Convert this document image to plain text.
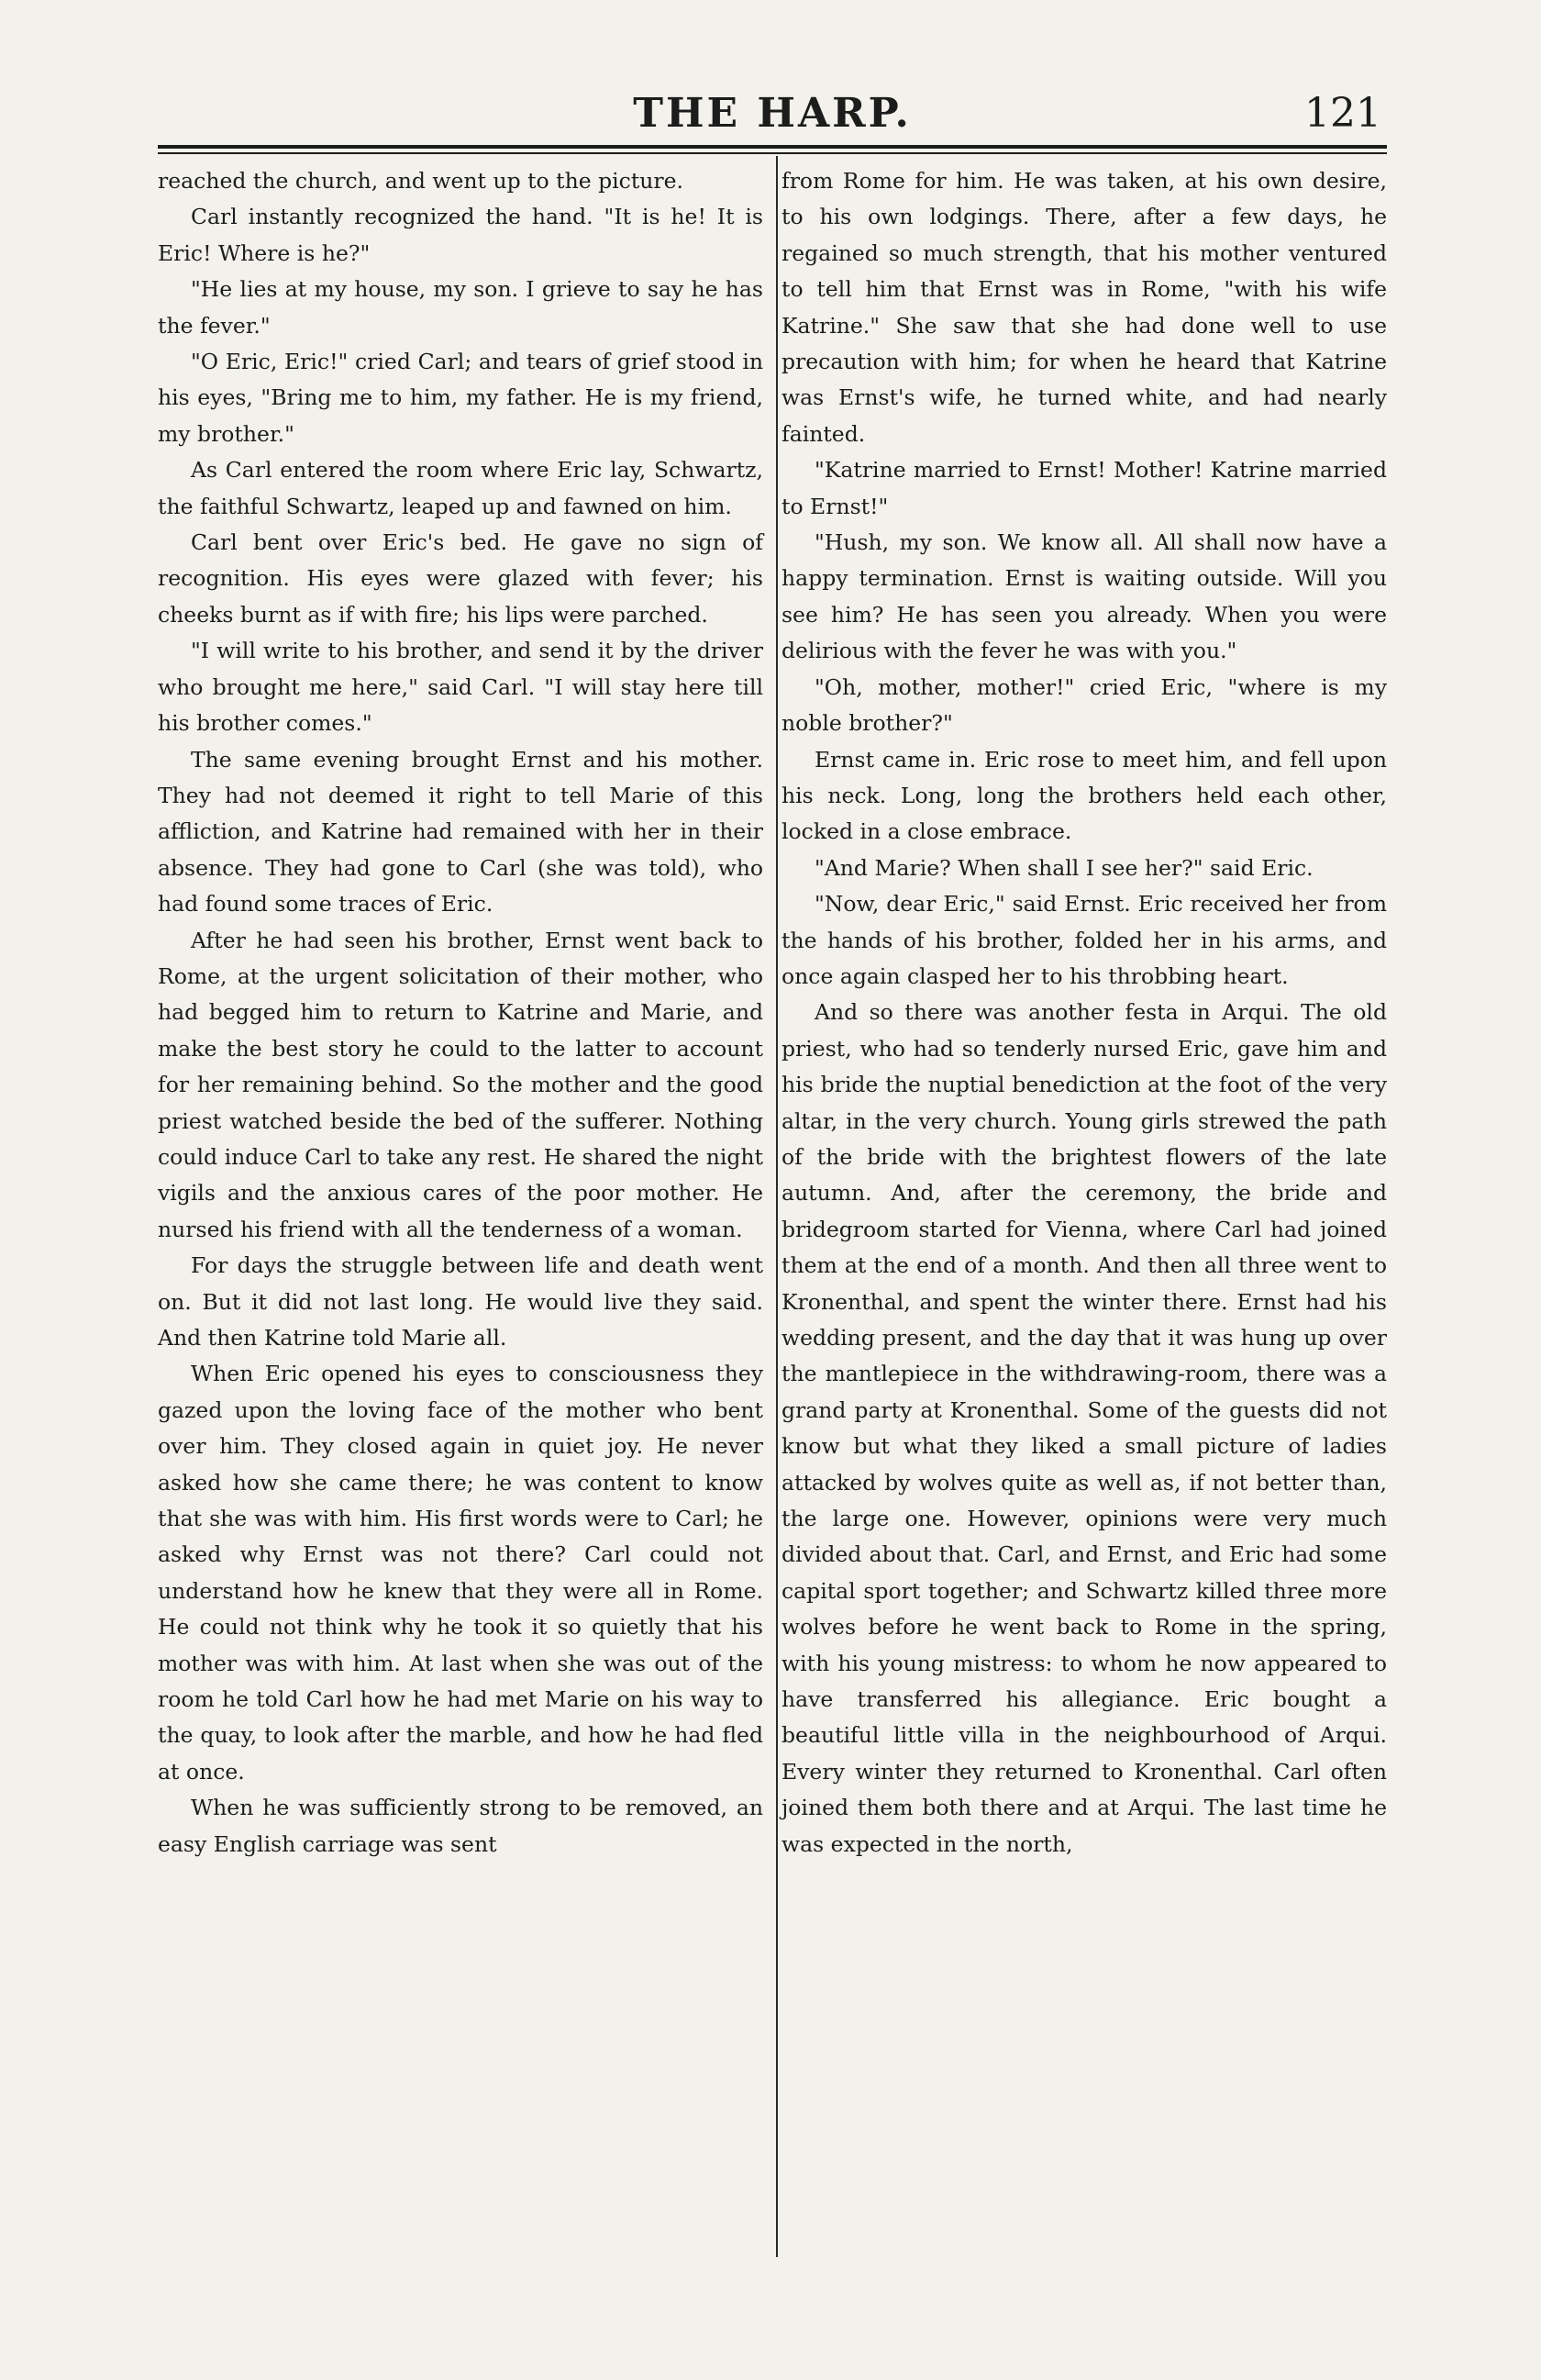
THE HARP.	121

reached the church, and went up to the picture.

Carl instantly recognized the hand. "It is he! It is Eric! Where is he?"

"He lies at my house, my son. I grieve to say he has the fever."

"O Eric, Eric!" cried Carl; and tears of grief stood in his eyes, "Bring me to him, my father. He is my friend, my brother."

As Carl entered the room where Eric lay, Schwartz, the faithful Schwartz, leaped up and fawned on him.

Carl bent over Eric's bed. He gave no sign of recognition. His eyes were glazed with fever; his cheeks burnt as if with fire; his lips were parched.

"I will write to his brother, and send it by the driver who brought me here," said Carl. "I will stay here till his brother comes."

The same evening brought Ernst and his mother. They had not deemed it right to tell Marie of this affliction, and Katrine had remained with her in their absence. They had gone to Carl (she was told), who had found some traces of Eric.

After he had seen his brother, Ernst went back to Rome, at the urgent solicitation of their mother, who had begged him to return to Katrine and Marie, and make the best story he could to the latter to account for her remaining behind. So the mother and the good priest watched beside the bed of the sufferer. Nothing could induce Carl to take any rest. He shared the night vigils and the anxious cares of the poor mother. He nursed his friend with all the tenderness of a woman.

For days the struggle between life and death went on. But it did not last long. He would live they said. And then Katrine told Marie all.

When Eric opened his eyes to consciousness they gazed upon the loving face of the mother who bent over him. They closed again in quiet joy. He never asked how she came there; he was content to know that she was with him. His first words were to Carl; he asked why Ernst was not there? Carl could not understand how he knew that they were all in Rome. He could not think why he took it so quietly that his mother was with him. At last when she was out of the room he told Carl how he had met Marie on his way to the quay, to look after the marble, and how he had fled at once.

When he was sufficiently strong to be removed, an easy English carriage was sent

from Rome for him. He was taken, at his own desire, to his own lodgings. There, after a few days, he regained so much strength, that his mother ventured to tell him that Ernst was in Rome, "with his wife Katrine." She saw that she had done well to use precaution with him; for when he heard that Katrine was Ernst's wife, he turned white, and had nearly fainted.

"Katrine married to Ernst! Mother! Katrine married to Ernst!"

"Hush, my son. We know all. All shall now have a happy termination. Ernst is waiting outside. Will you see him? He has seen you already. When you were delirious with the fever he was with you."

"Oh, mother, mother!" cried Eric, "where is my noble brother?"

Ernst came in. Eric rose to meet him, and fell upon his neck. Long, long the brothers held each other, locked in a close embrace.

"And Marie? When shall I see her?" said Eric.

"Now, dear Eric," said Ernst. Eric received her from the hands of his brother, folded her in his arms, and once again clasped her to his throbbing heart.

And so there was another festa in Arqui. The old priest, who had so tenderly nursed Eric, gave him and his bride the nuptial benediction at the foot of the very altar, in the very church. Young girls strewed the path of the bride with the brightest flowers of the late autumn. And, after the ceremony, the bride and bridegroom started for Vienna, where Carl had joined them at the end of a month. And then all three went to Kronenthal, and spent the winter there. Ernst had his wedding present, and the day that it was hung up over the mantlepiece in the withdrawing-room, there was a grand party at Kronenthal. Some of the guests did not know but what they liked a small picture of ladies attacked by wolves quite as well as, if not better than, the large one. However, opinions were very much divided about that. Carl, and Ernst, and Eric had some capital sport together; and Schwartz killed three more wolves before he went back to Rome in the spring, with his young mistress: to whom he now appeared to have transferred his allegiance. Eric bought a beautiful little villa in the neighbourhood of Arqui. Every winter they returned to Kronenthal. Carl often joined them both there and at Arqui. The last time he was expected in the north,
